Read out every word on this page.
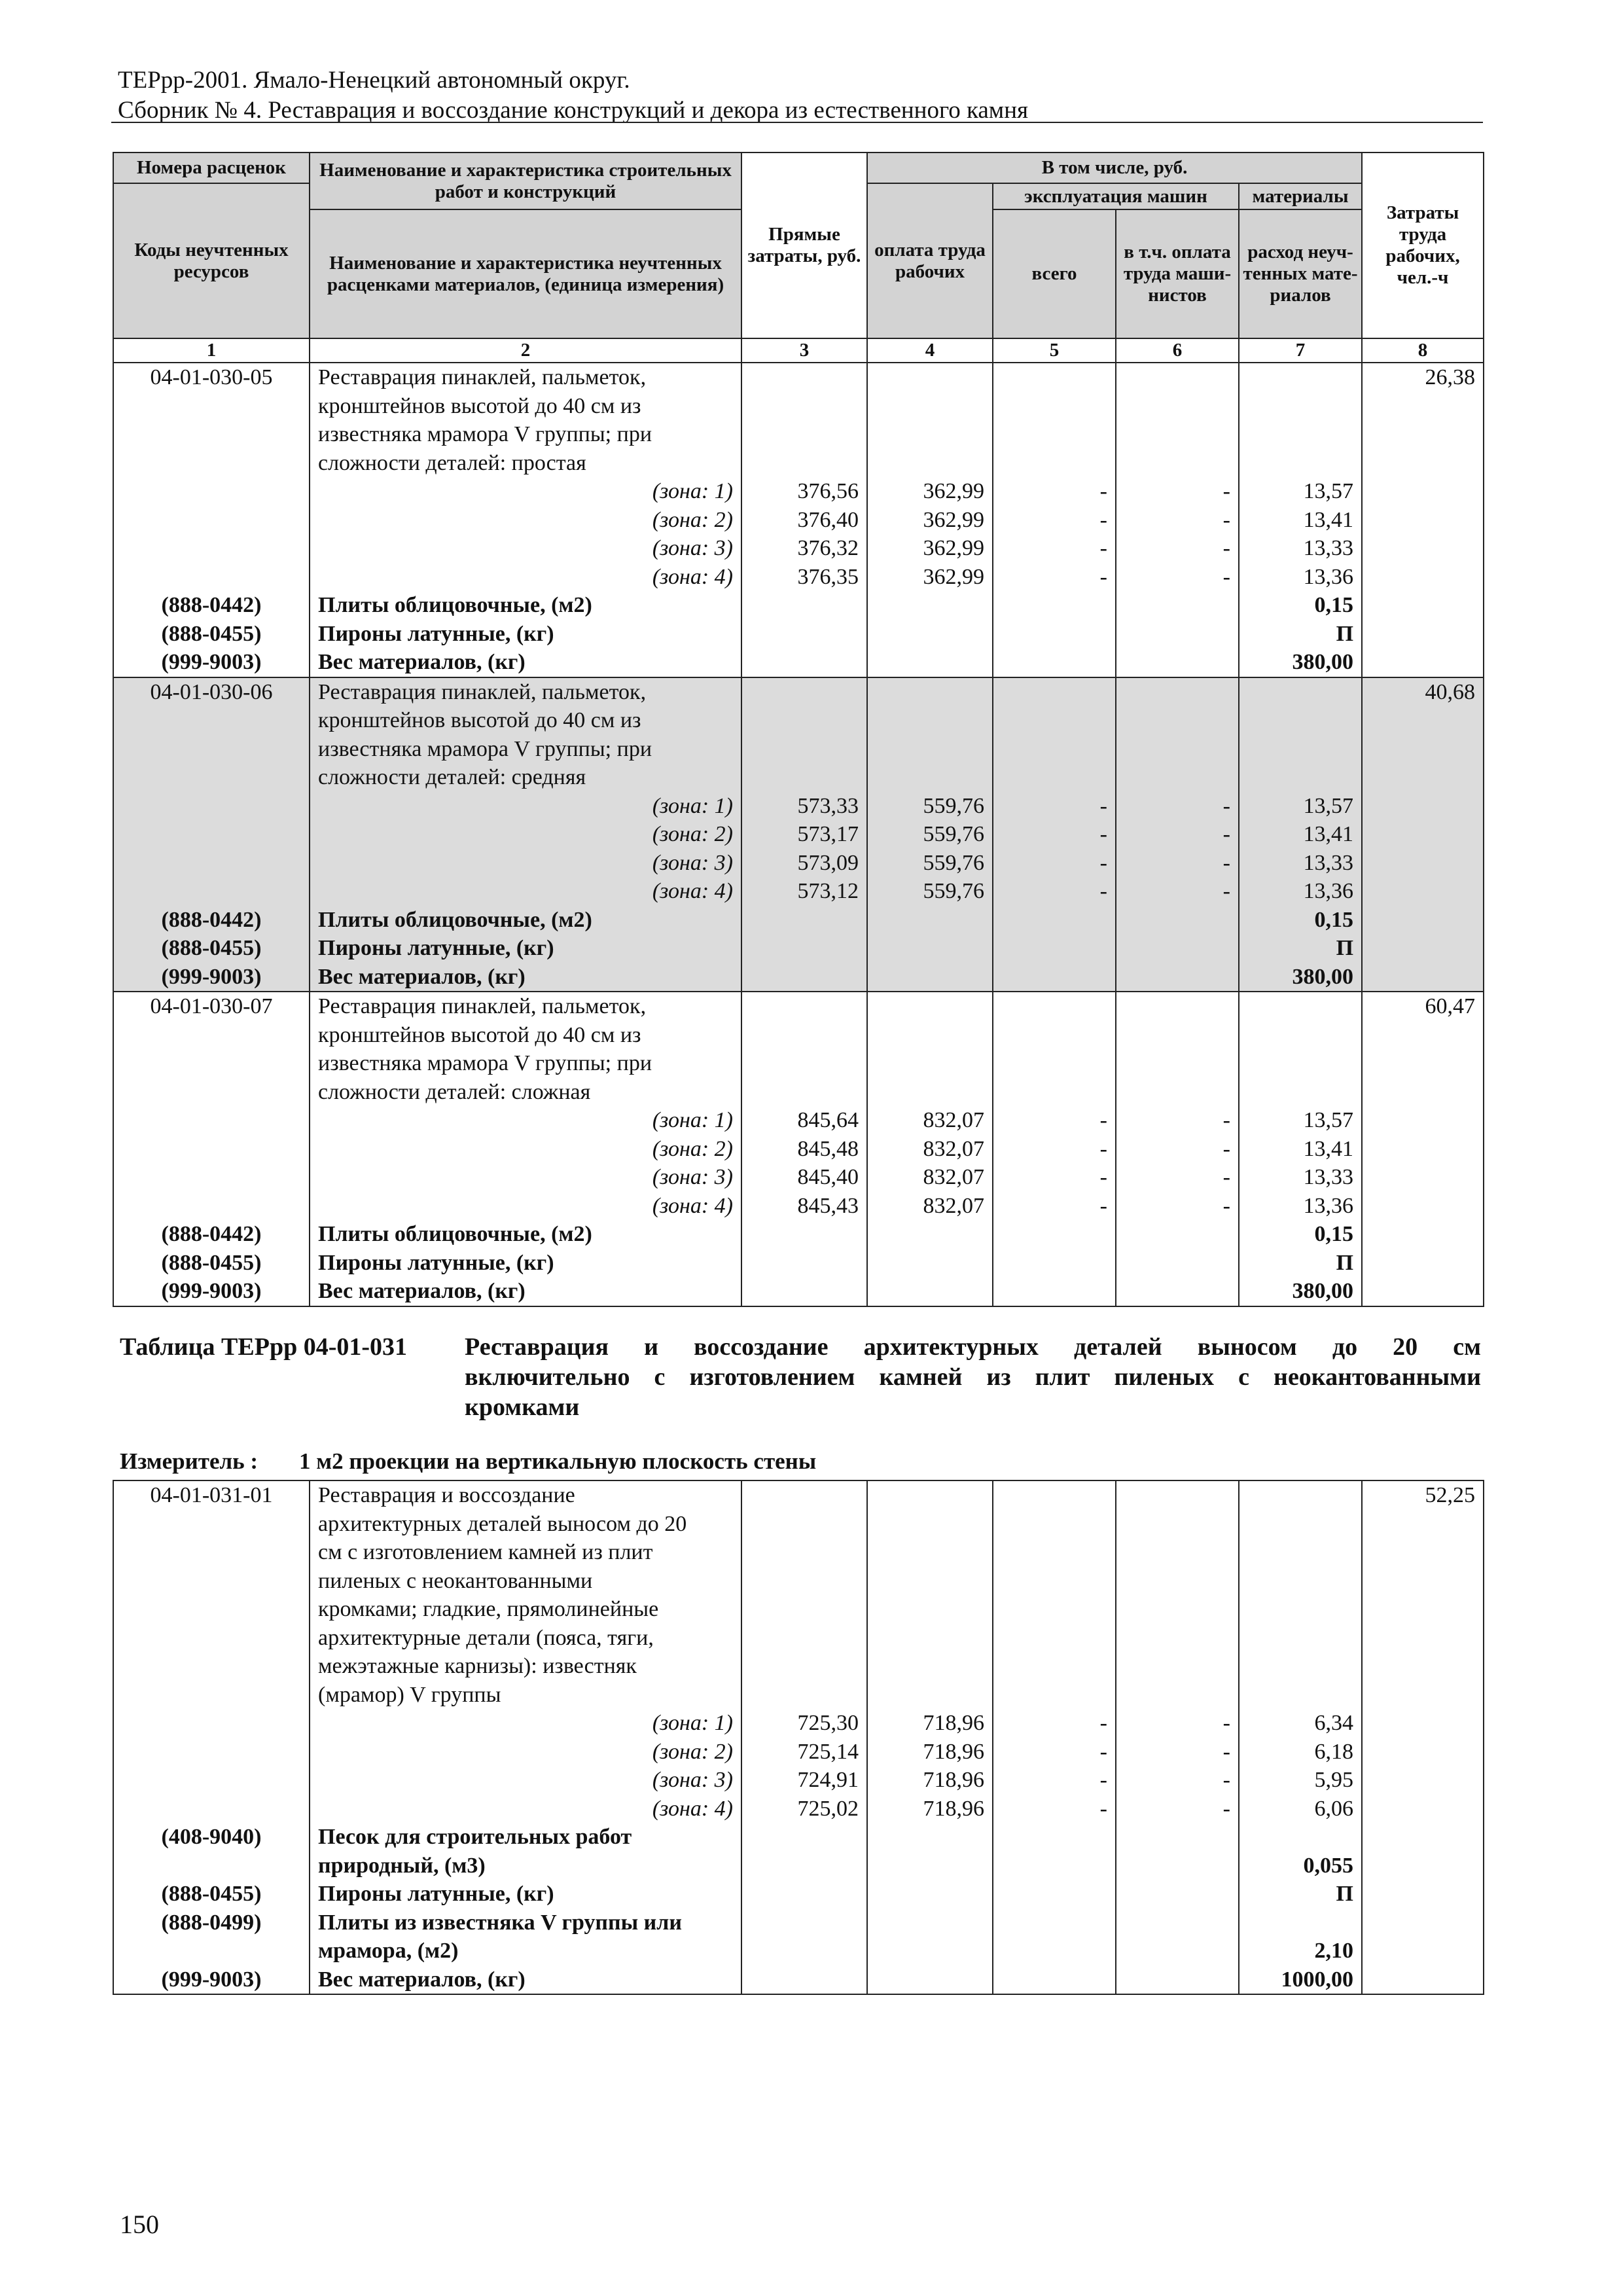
ТЕРрр-2001. Ямало-Ненецкий автономный округ.
Сборник № 4. Реставрация и воссоздание конструкций и декора из естественного камня
Номера расценок	Наименование и характеристика строительных работ и конструкций	Прямые затраты, руб.	В том числе, руб.				Затраты труда рабочих, чел.-ч
Коды неучтенных ресурсов			оплата труда рабочих	эксплуатация машин		материалы	
	Наименование и характеристика неучтенных расценками материалов, (единица измерения)			всего	в т.ч. оплата труда маши-нистов	расход неуч-тенных мате-риалов	
1	2	3	4	5	6	7	8
04-01-030-05	Реставрация пинаклей, пальметок,						26,38
	кронштейнов высотой до 40 см из						
	известняка мрамора V группы; при						
	сложности деталей: простая						
	(зона: 1)	376,56	362,99	-	-	13,57	
	(зона: 2)	376,40	362,99	-	-	13,41	
	(зона: 3)	376,32	362,99	-	-	13,33	
	(зона: 4)	376,35	362,99	-	-	13,36	
(888-0442)	Плиты облицовочные, (м2)					0,15	
(888-0455)	Пироны латунные, (кг)					П	
(999-9003)	Вес материалов, (кг)					380,00	
04-01-030-06	Реставрация пинаклей, пальметок,						40,68
	кронштейнов высотой до 40 см из						
	известняка мрамора V группы; при						
	сложности деталей: средняя						
	(зона: 1)	573,33	559,76	-	-	13,57	
	(зона: 2)	573,17	559,76	-	-	13,41	
	(зона: 3)	573,09	559,76	-	-	13,33	
	(зона: 4)	573,12	559,76	-	-	13,36	
(888-0442)	Плиты облицовочные, (м2)					0,15	
(888-0455)	Пироны латунные, (кг)					П	
(999-9003)	Вес материалов, (кг)					380,00	
04-01-030-07	Реставрация пинаклей, пальметок,						60,47
	кронштейнов высотой до 40 см из						
	известняка мрамора V группы; при						
	сложности деталей: сложная						
	(зона: 1)	845,64	832,07	-	-	13,57	
	(зона: 2)	845,48	832,07	-	-	13,41	
	(зона: 3)	845,40	832,07	-	-	13,33	
	(зона: 4)	845,43	832,07	-	-	13,36	
(888-0442)	Плиты облицовочные, (м2)					0,15	
(888-0455)	Пироны латунные, (кг)					П	
(999-9003)	Вес материалов, (кг)					380,00	
Таблица ТЕРрр 04-01-031 Реставрация и воссоздание архитектурных деталей выносом до 20 см
включительно с изготовлением камней из плит пиленых с неокантованными
кромками
Измеритель : 1 м2 проекции на вертикальную плоскость стены
04-01-031-01	Реставрация и воссоздание						52,25
	архитектурных деталей выносом до 20						
	см с изготовлением камней из плит						
	пиленых с неокантованными						
	кромками; гладкие, прямолинейные						
	архитектурные детали (пояса, тяги,						
	межэтажные карнизы): известняк						
	(мрамор) V группы						
	(зона: 1)	725,30	718,96	-	-	6,34	
	(зона: 2)	725,14	718,96	-	-	6,18	
	(зона: 3)	724,91	718,96	-	-	5,95	
	(зона: 4)	725,02	718,96	-	-	6,06	
(408-9040)	Песок для строительных работ						
	природный, (м3)					0,055	
(888-0455)	Пироны латунные, (кг)					П	
(888-0499)	Плиты из известняка V группы или						
	мрамора, (м2)					2,10	
(999-9003)	Вес материалов, (кг)					1000,00	
150
